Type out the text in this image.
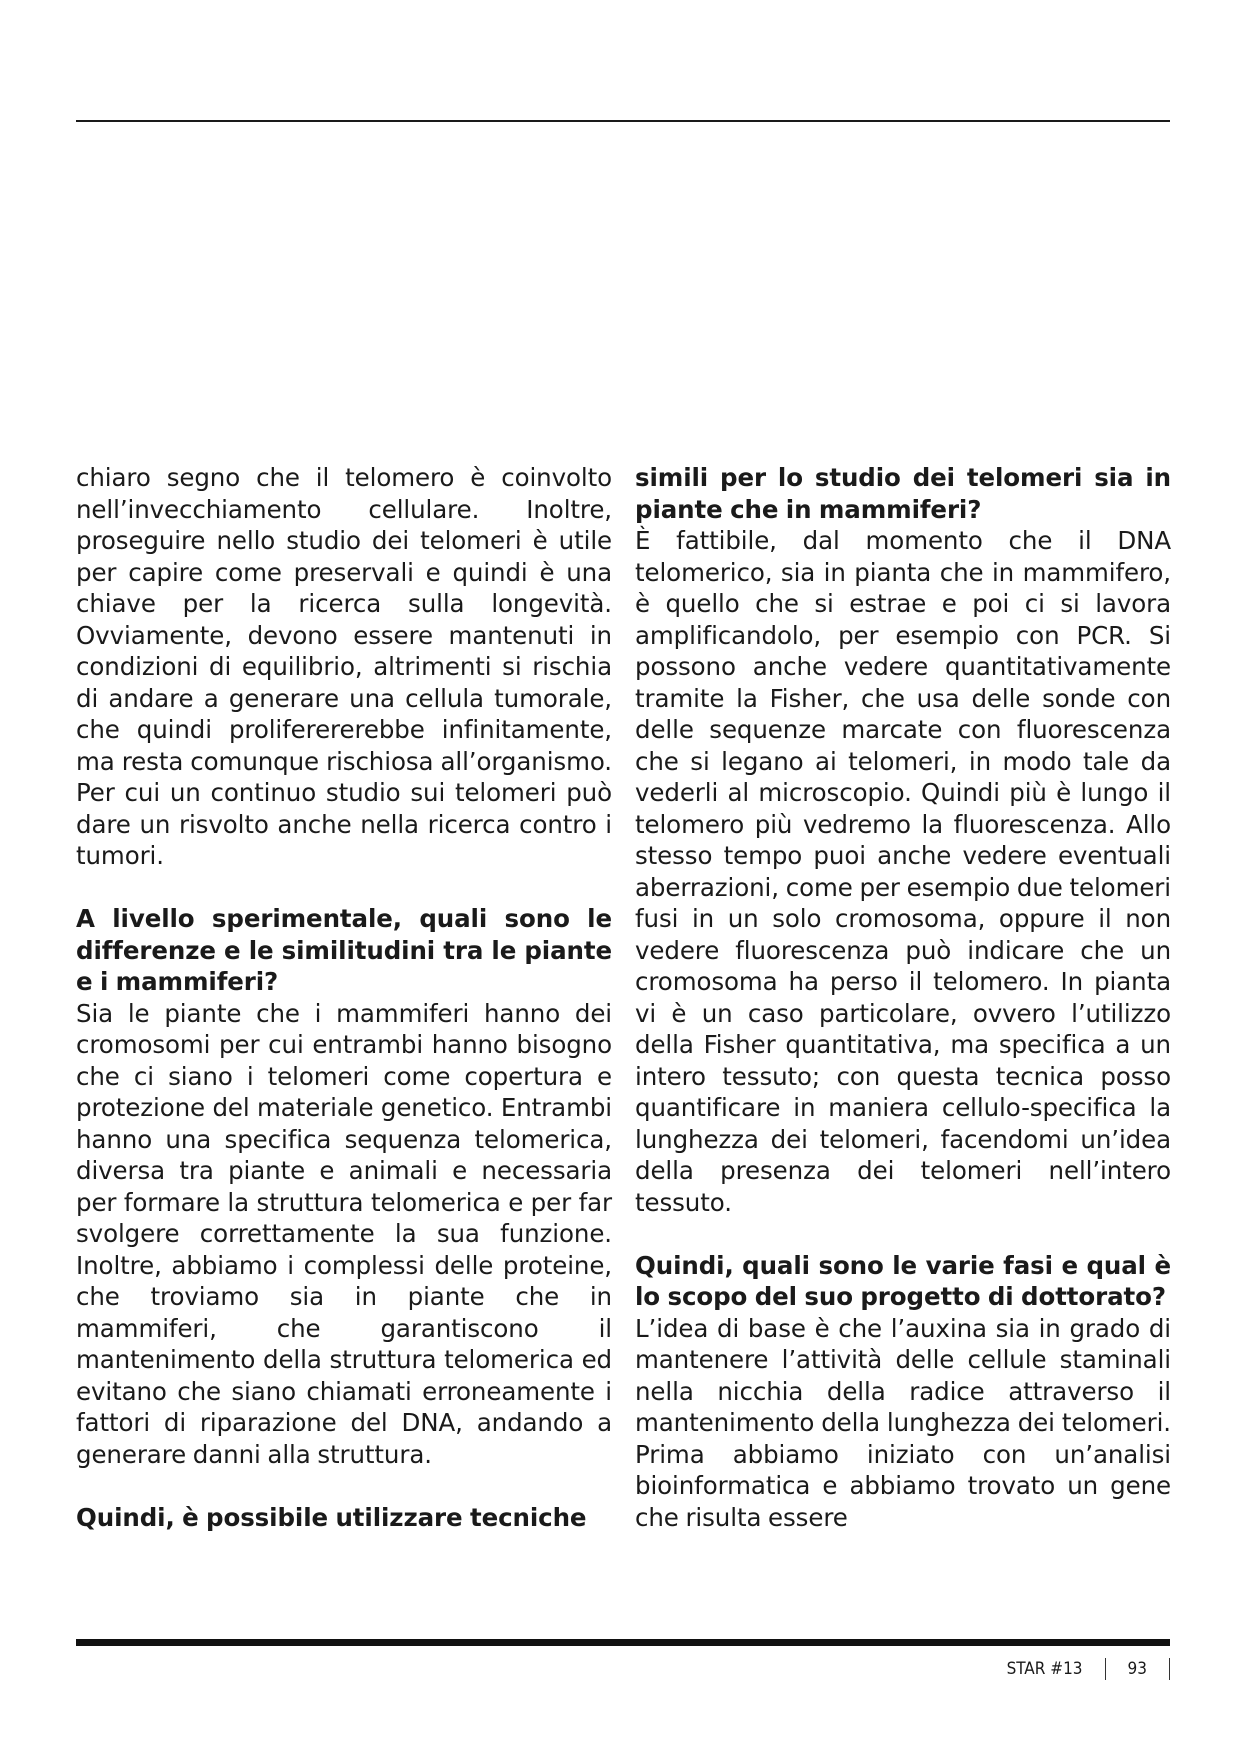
chiaro segno che il telomero è coinvolto nell’invecchiamento cellulare. Inoltre, proseguire nello studio dei telomeri è utile per capire come preservali e quindi è una chiave per la ricerca sulla longevità. Ovviamente, devono essere mantenuti in condizioni di equilibrio, altrimenti si rischia di andare a generare una cellula tumorale, che quindi proliferererebbe infinitamente, ma resta comunque rischiosa all’organismo. Per cui un continuo studio sui telomeri può dare un risvolto anche nella ricerca contro i tumori.

A livello sperimentale, quali sono le differenze e le similitudini tra le piante e i mammiferi?

Sia le piante che i mammiferi hanno dei cromosomi per cui entrambi hanno bisogno che ci siano i telomeri come copertura e protezione del materiale genetico. Entrambi hanno una specifica sequenza telomerica, diversa tra piante e animali e necessaria per formare la struttura telomerica e per far svolgere correttamente la sua funzione. Inoltre, abbiamo i complessi delle proteine, che troviamo sia in piante che in mammiferi, che garantiscono il mantenimento della struttura telomerica ed evitano che siano chiamati erroneamente i fattori di riparazione del DNA, andando a generare danni alla struttura.

Quindi, è possibile utilizzare tecniche

simili per lo studio dei telomeri sia in piante che in mammiferi?

È fattibile, dal momento che il DNA telomerico, sia in pianta che in mammifero, è quello che si estrae e poi ci si lavora amplificandolo, per esempio con PCR. Si possono anche vedere quantitativamente tramite la Fisher, che usa delle sonde con delle sequenze marcate con fluorescenza che si legano ai telomeri, in modo tale da vederli al microscopio. Quindi più è lungo il telomero più vedremo la fluorescenza. Allo stesso tempo puoi anche vedere eventuali aberrazioni, come per esempio due telomeri fusi in un solo cromosoma, oppure il non vedere fluorescenza può indicare che un cromosoma ha perso il telomero. In pianta vi è un caso particolare, ovvero l’utilizzo della Fisher quantitativa, ma specifica a un intero tessuto; con questa tecnica posso quantificare in maniera cellulo-specifica la lunghezza dei telomeri, facendomi un’idea della presenza dei telomeri nell’intero tessuto.

Quindi, quali sono le varie fasi e qual è lo scopo del suo progetto di dottorato?

L’idea di base è che l’auxina sia in grado di mantenere l’attività delle cellule staminali nella nicchia della radice attraverso il mantenimento della lunghezza dei telomeri. Prima abbiamo iniziato con un’analisi bioinformatica e abbiamo trovato un gene che risulta essere

STAR #13	93
